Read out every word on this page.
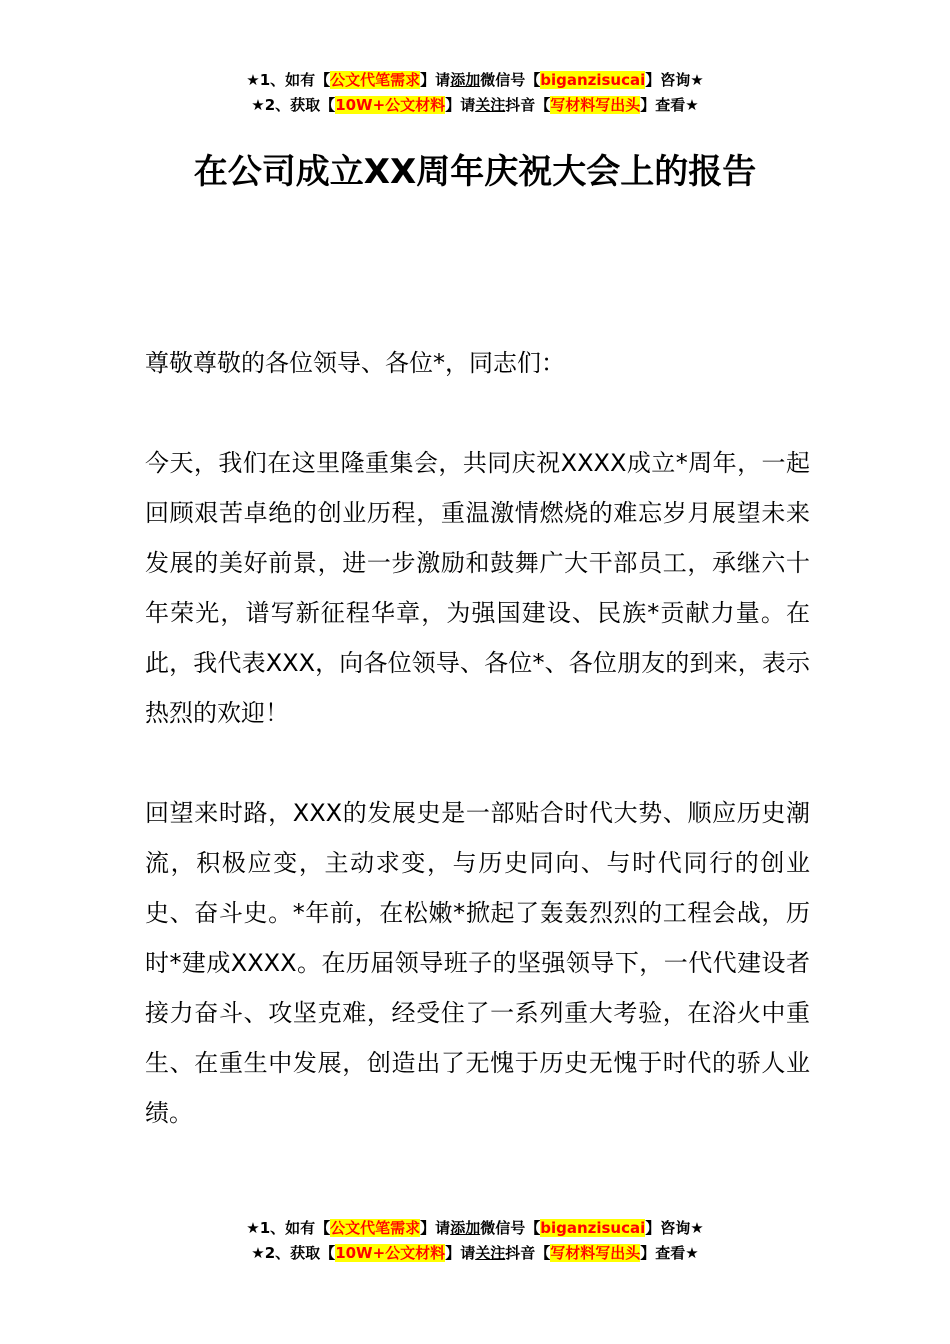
★1、如有【公文代笔需求】请添加微信号【biganzisucai】咨询★
★2、获取【10W+公文材料】请关注抖音【写材料写出头】查看★
在公司成立XX周年庆祝大会上的报告

尊敬尊敬的各位领导、各位*，同志们：

今天，我们在这里隆重集会，共同庆祝XXXX成立*周年，一起回顾艰苦卓绝的创业历程，重温激情燃烧的难忘岁月展望未来发展的美好前景，进一步激励和鼓舞广大干部员工，承继六十年荣光，谱写新征程华章，为强国建设、民族*贡献力量。在此，我代表XXX，向各位领导、各位*、各位朋友的到来，表示热烈的欢迎！

回望来时路，XXX的发展史是一部贴合时代大势、顺应历史潮流，积极应变，主动求变，与历史同向、与时代同行的创业史、奋斗史。*年前，在松嫩*掀起了轰轰烈烈的工程会战，历时*建成XXXX。在历届领导班子的坚强领导下，一代代建设者接力奋斗、攻坚克难，经受住了一系列重大考验，在浴火中重生、在重生中发展，创造出了无愧于历史无愧于时代的骄人业绩。

★1、如有【公文代笔需求】请添加微信号【biganzisucai】咨询★
★2、获取【10W+公文材料】请关注抖音【写材料写出头】查看★
